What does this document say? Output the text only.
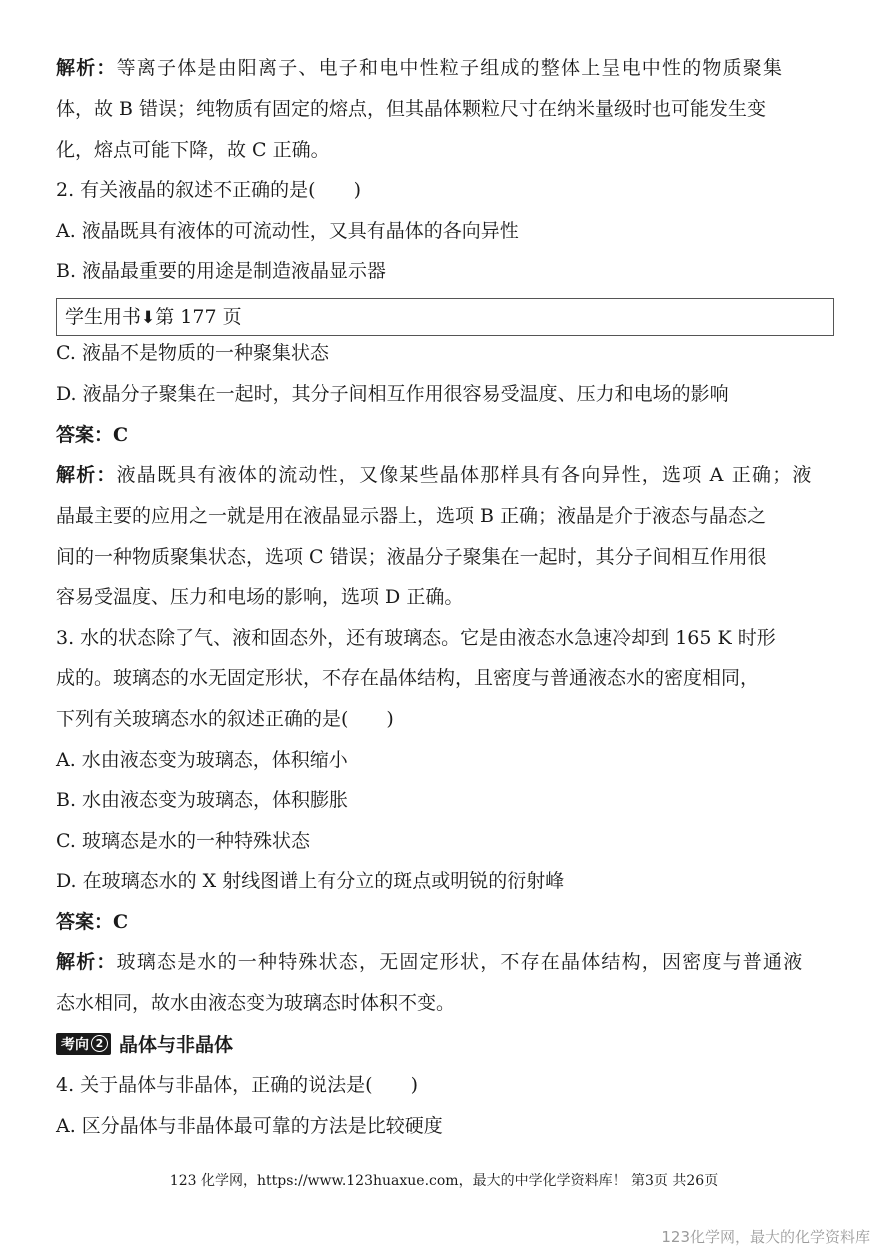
解析：等离子体是由阳离子、电子和电中性粒子组成的整体上呈电中性的物质聚集
体，故 B 错误；纯物质有固定的熔点，但其晶体颗粒尺寸在纳米量级时也可能发生变
化，熔点可能下降，故 C 正确。
2. 有关液晶的叙述不正确的是(　　)
A. 液晶既具有液体的可流动性，又具有晶体的各向异性
B. 液晶最重要的用途是制造液晶显示器
C. 液晶不是物质的一种聚集状态
D. 液晶分子聚集在一起时，其分子间相互作用很容易受温度、压力和电场的影响
答案：C
解析：液晶既具有液体的流动性，又像某些晶体那样具有各向异性，选项 A 正确；液
晶最主要的应用之一就是用在液晶显示器上，选项 B 正确；液晶是介于液态与晶态之
间的一种物质聚集状态，选项 C 错误；液晶分子聚集在一起时，其分子间相互作用很
容易受温度、压力和电场的影响，选项 D 正确。
3. 水的状态除了气、液和固态外，还有玻璃态。它是由液态水急速冷却到 165 K 时形
成的。玻璃态的水无固定形状，不存在晶体结构，且密度与普通液态水的密度相同，
下列有关玻璃态水的叙述正确的是(　　)
A. 水由液态变为玻璃态，体积缩小
B. 水由液态变为玻璃态，体积膨胀
C. 玻璃态是水的一种特殊状态
D. 在玻璃态水的 X 射线图谱上有分立的斑点或明锐的衍射峰
答案：C
解析：玻璃态是水的一种特殊状态，无固定形状，不存在晶体结构，因密度与普通液
态水相同，故水由液态变为玻璃态时体积不变。
4. 关于晶体与非晶体，正确的说法是(　　)
A. 区分晶体与非晶体最可靠的方法是比较硬度
学生用书⬇第 177 页
考向 2 晶体与非晶体
123 化学网，https://www.123huaxue.com，最大的中学化学资料库！ 第3页 共26页
123化学网，最大的化学资料库
